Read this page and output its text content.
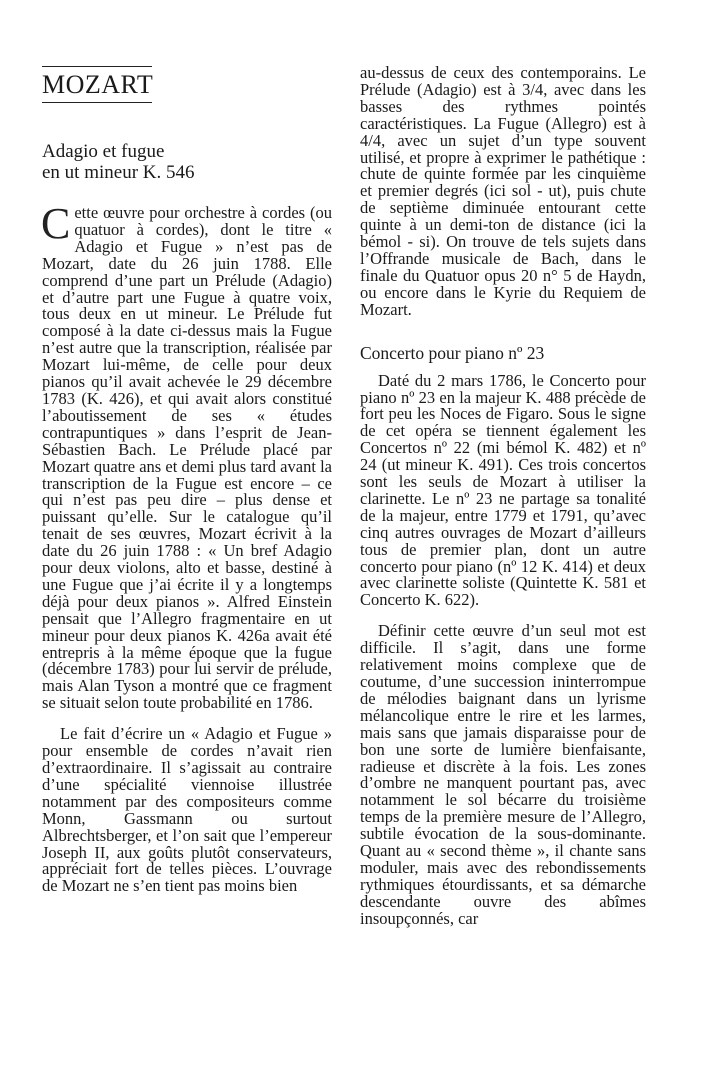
MOZART
Adagio et fugue
en ut mineur K. 546

Cette œuvre pour orchestre à cordes (ou quatuor à cordes), dont le titre « Adagio et Fugue » n’est pas de Mozart, date du 26 juin 1788. Elle comprend d’une part un Prélude (Adagio) et d’autre part une Fugue à quatre voix, tous deux en ut mineur. Le Prélude fut composé à la date ci-dessus mais la Fugue n’est autre que la transcription, réalisée par Mozart lui-même, de celle pour deux pianos qu’il avait achevée le 29 décembre 1783 (K. 426), et qui avait alors constitué l’aboutissement de ses « études contrapuntiques » dans l’esprit de Jean-Sébastien Bach. Le Prélude placé par Mozart quatre ans et demi plus tard avant la transcription de la Fugue est encore – ce qui n’est pas peu dire – plus dense et puissant qu’elle. Sur le catalogue qu’il tenait de ses œuvres, Mozart écrivit à la date du 26 juin 1788 : « Un bref Adagio pour deux violons, alto et basse, destiné à une Fugue que j’ai écrite il y a longtemps déjà pour deux pianos ». Alfred Einstein pensait que l’Allegro fragmentaire en ut mineur pour deux pianos K. 426a avait été entrepris à la même époque que la fugue (décembre 1783) pour lui servir de prélude, mais Alan Tyson a montré que ce fragment se situait selon toute probabilité en 1786.

Le fait d’écrire un « Adagio et Fugue » pour ensemble de cordes n’avait rien d’extraordinaire. Il s’agissait au contraire d’une spécialité viennoise illustrée notamment par des compositeurs comme Monn, Gassmann ou surtout Albrechtsberger, et l’on sait que l’empereur Joseph II, aux goûts plutôt conservateurs, appréciait fort de telles pièces. L’ouvrage de Mozart ne s’en tient pas moins bien

au-dessus de ceux des contemporains. Le Prélude (Adagio) est à 3/4, avec dans les basses des rythmes pointés caractéristiques. La Fugue (Allegro) est à 4/4, avec un sujet d’un type souvent utilisé, et propre à exprimer le pathétique : chute de quinte formée par les cinquième et premier degrés (ici sol - ut), puis chute de septième diminuée entourant cette quinte à un demi-ton de distance (ici la bémol - si). On trouve de tels sujets dans l’Offrande musicale de Bach, dans le finale du Quatuor opus 20 n° 5 de Haydn, ou encore dans le Kyrie du Requiem de Mozart.

Concerto pour piano nº 23

Daté du 2 mars 1786, le Concerto pour piano nº 23 en la majeur K. 488 précède de fort peu les Noces de Figaro. Sous le signe de cet opéra se tiennent également les Concertos nº 22 (mi bémol K. 482) et nº 24 (ut mineur K. 491). Ces trois concertos sont les seuls de Mozart à utiliser la clarinette. Le nº 23 ne partage sa tonalité de la majeur, entre 1779 et 1791, qu’avec cinq autres ouvrages de Mozart d’ailleurs tous de premier plan, dont un autre concerto pour piano (nº 12 K. 414) et deux avec clarinette soliste (Quintette K. 581 et Concerto K. 622).

Définir cette œuvre d’un seul mot est difficile. Il s’agit, dans une forme relativement moins complexe que de coutume, d’une succession ininterrompue de mélodies baignant dans un lyrisme mélancolique entre le rire et les larmes, mais sans que jamais disparaisse pour de bon une sorte de lumière bienfaisante, radieuse et discrète à la fois. Les zones d’ombre ne manquent pourtant pas, avec notamment le sol bécarre du troisième temps de la première mesure de l’Allegro, subtile évocation de la sous-dominante. Quant au « second thème », il chante sans moduler, mais avec des rebondissements rythmiques étourdissants, et sa démarche descendante ouvre des abîmes insoupçonnés, car
